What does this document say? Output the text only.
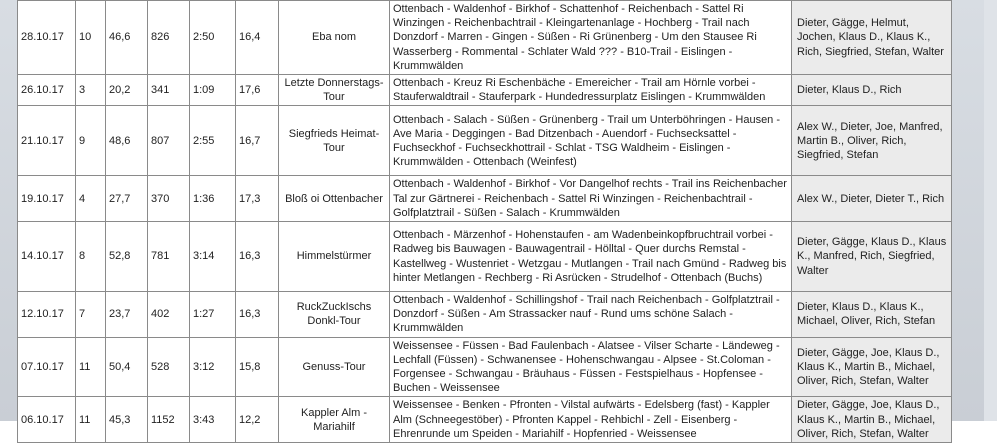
28.10.17	10	46,6	826	2:50	16,4	Eba nom	Ottenbach - Waldenhof - Birkhof - Schattenhof - Reichenbach - Sattel Ri Winzingen - Reichenbachtrail - Kleingartenanlage - Hochberg - Trail nach Donzdorf - Marren - Gingen - Süßen - Ri Grünenberg - Um den Stausee Ri Wasserberg - Rommental - Schlater Wald ??? - B10-Trail - Eislingen - Krummwälden	Dieter, Gägge, Helmut, Jochen, Klaus D., Klaus K., Rich, Siegfried, Stefan, Walter
26.10.17	3	20,2	341	1:09	17,6	Letzte Donnerstags-Tour	Ottenbach - Kreuz Ri Eschenbäche - Emereicher - Trail am Hörnle vorbei - Stauferwaldtrail - Stauferpark - Hundedressurplatz Eislingen - Krummwälden	Dieter, Klaus D., Rich
21.10.17	9	48,6	807	2:55	16,7	Siegfrieds Heimat-Tour	Ottenbach - Salach - Süßen - Grünenberg - Trail um Unterböhringen - Hausen - Ave Maria - Deggingen - Bad Ditzenbach - Auendorf - Fuchsecksattel - Fuchseckhof - Fuchseckhottrail - Schlat - TSG Waldheim - Eislingen - Krummwälden - Ottenbach (Weinfest)	Alex W., Dieter, Joe, Manfred, Martin B., Oliver, Rich, Siegfried, Stefan
19.10.17	4	27,7	370	1:36	17,3	Bloß oi Ottenbacher	Ottenbach - Waldenhof - Birkhof - Vor Dangelhof rechts - Trail ins Reichenbacher Tal zur Gärtnerei - Reichenbach - Sattel Ri Winzingen - Reichenbachtrail - Golfplatztrail - Süßen - Salach - Krummwälden	Alex W., Dieter, Dieter T., Rich
14.10.17	8	52,8	781	3:14	16,3	Himmelstürmer	Ottenbach - Märzenhof - Hohenstaufen - am Wadenbeinkopfbruchtrail vorbei - Radweg bis Bauwagen - Bauwagentrail - Hölltal - Quer durchs Remstal - Kastellweg - Wustenriet - Wetzgau - Mutlangen - Trail nach Gmünd - Radweg bis hinter Metlangen - Rechberg - Ri Asrücken - Strudelhof - Ottenbach (Buchs)	Dieter, Gägge, Klaus D., Klaus K., Manfred, Rich, Siegfried, Walter
12.10.17	7	23,7	402	1:27	16,3	RuckZuckIschs Donkl-Tour	Ottenbach - Waldenhof - Schillingshof - Trail nach Reichenbach - Golfplatztrail - Donzdorf - Süßen - Am Strassacker nauf - Rund ums schöne Salach - Krummwälden	Dieter, Klaus D., Klaus K., Michael, Oliver, Rich, Stefan
07.10.17	11	50,4	528	3:12	15,8	Genuss-Tour	Weissensee - Füssen - Bad Faulenbach - Alatsee - Vilser Scharte - Ländeweg - Lechfall (Füssen) - Schwanensee - Hohenschwangau - Alpsee - St.Coloman - Forgensee - Schwangau - Bräuhaus - Füssen - Festspielhaus - Hopfensee - Buchen - Weissensee	Dieter, Gägge, Joe, Klaus D., Klaus K., Martin B., Michael, Oliver, Rich, Stefan, Walter
06.10.17	11	45,3	1152	3:43	12,2	Kappler Alm - Mariahilf	Weissensee - Benken - Pfronten - Vilstal aufwärts - Edelsberg (fast) - Kappler Alm (Schneegestöber) - Pfronten Kappel - Rehbichl - Zell - Eisenberg - Ehrenrunde um Speiden - Mariahilf - Hopfenried - Weissensee	Dieter, Gägge, Joe, Klaus D., Klaus K., Martin B., Michael, Oliver, Rich, Stefan, Walter
